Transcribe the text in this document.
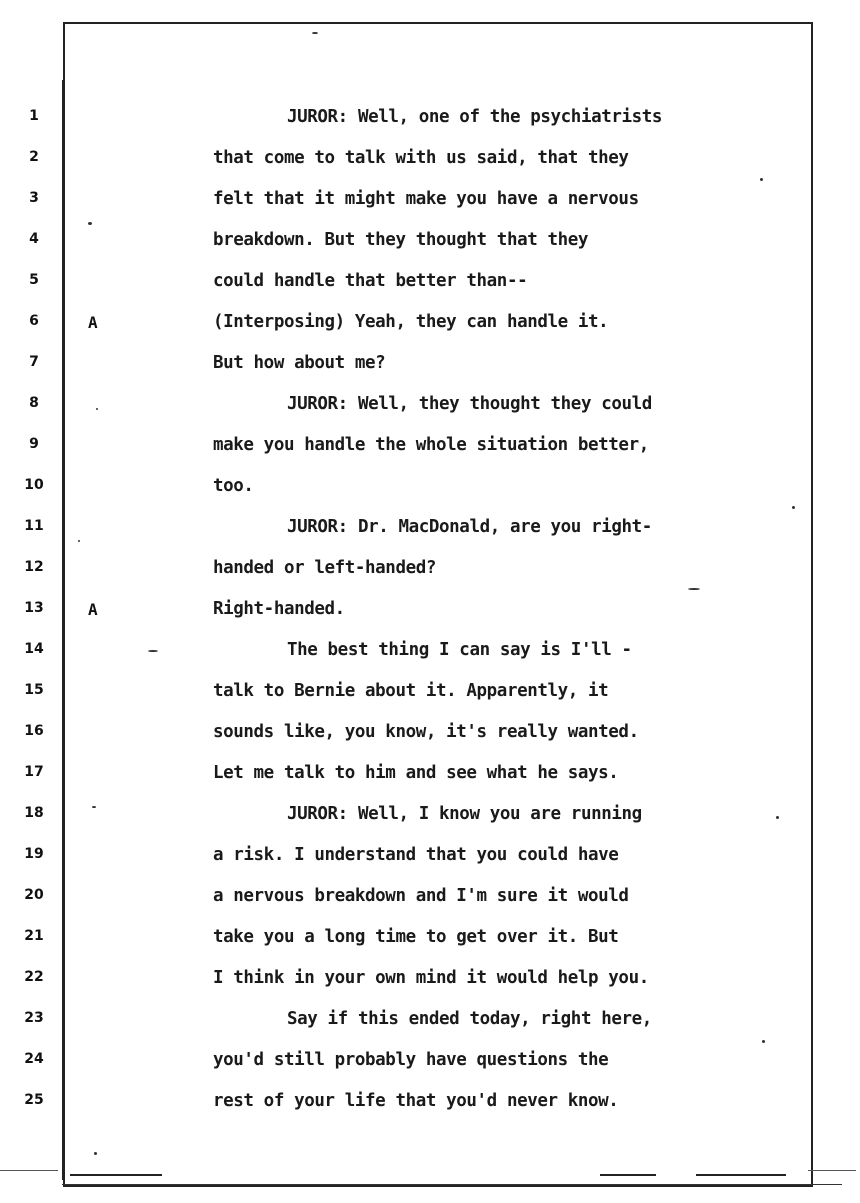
1
2
3
4
5
6
7
8
9
10
11
12
13
14
15
16
17
18
19
20
21
22
23
24
25
A
A
JUROR: Well, one of the psychiatrists
that come to talk with us said, that they
felt that it might make you have a nervous
breakdown. But they thought that they
could handle that better than--
(Interposing) Yeah, they can handle it.
But how about me?
JUROR: Well, they thought they could
make you handle the whole situation better,
too.
JUROR: Dr. MacDonald, are you right-
handed or left-handed?
Right-handed.
The best thing I can say is I'll -
talk to Bernie about it. Apparently, it
sounds like, you know, it's really wanted.
Let me talk to him and see what he says.
JUROR: Well, I know you are running
a risk. I understand that you could have
a nervous breakdown and I'm sure it would
take you a long time to get over it. But
I think in your own mind it would help you.
Say if this ended today, right here,
you'd still probably have questions the
rest of your life that you'd never know.
